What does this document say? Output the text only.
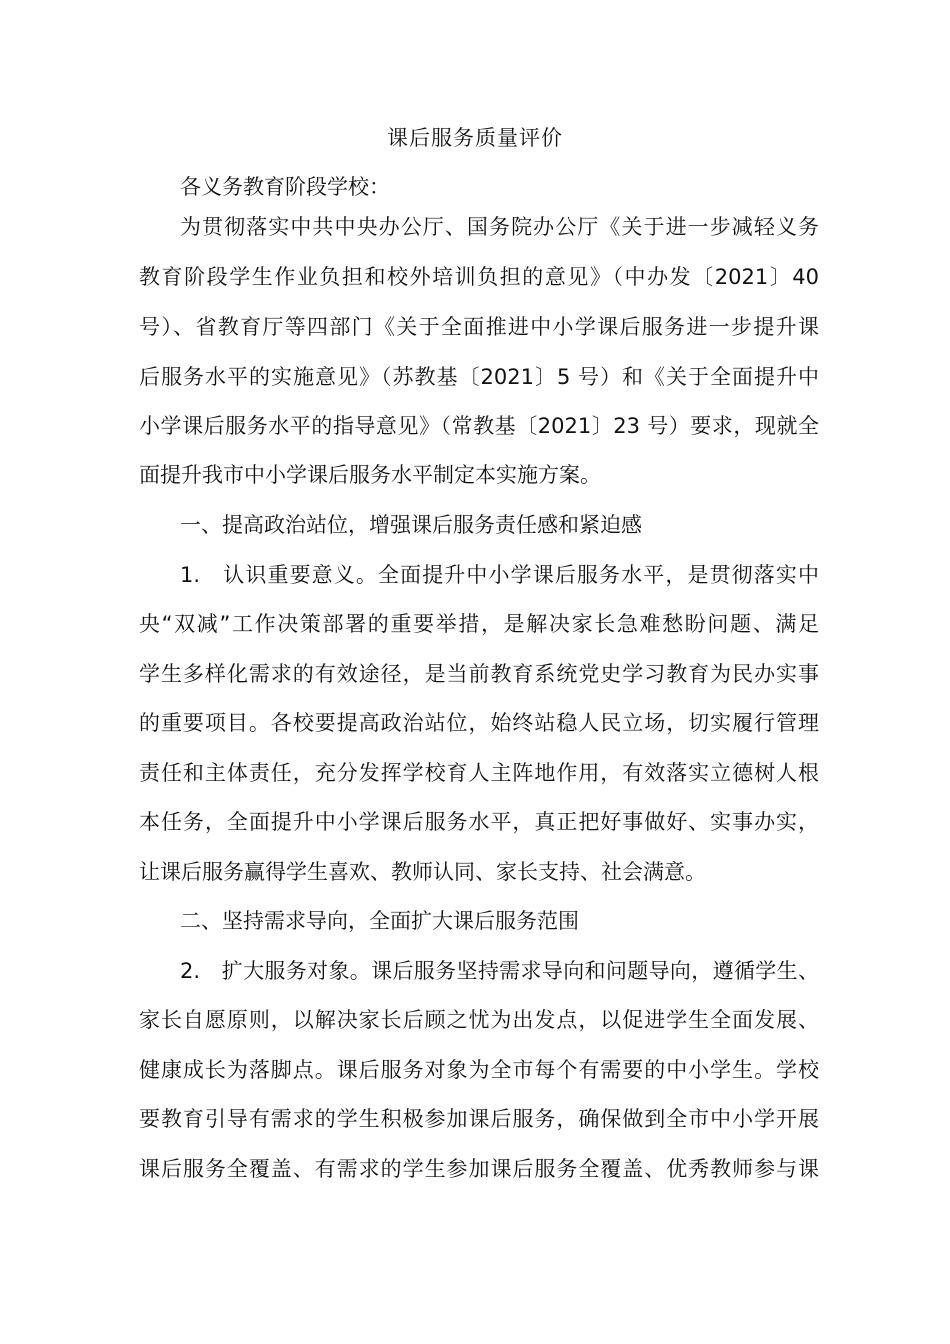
课后服务质量评价
各义务教育阶段学校：
为贯彻落实中共中央办公厅、国务院办公厅《关于进一步减轻义务
教育阶段学生作业负担和校外培训负担的意见》（中办发〔2021〕40
号）、省教育厅等四部门《关于全面推进中小学课后服务进一步提升课
后服务水平的实施意见》（苏教基〔2021〕5 号）和《关于全面提升中
小学课后服务水平的指导意见》（常教基〔2021〕23 号）要求，现就全
面提升我市中小学课后服务水平制定本实施方案。
一、提高政治站位，增强课后服务责任感和紧迫感
1.　认识重要意义。全面提升中小学课后服务水平，是贯彻落实中
央“双减”工作决策部署的重要举措，是解决家长急难愁盼问题、满足
学生多样化需求的有效途径，是当前教育系统党史学习教育为民办实事
的重要项目。各校要提高政治站位，始终站稳人民立场，切实履行管理
责任和主体责任，充分发挥学校育人主阵地作用，有效落实立德树人根
本任务，全面提升中小学课后服务水平，真正把好事做好、实事办实，
让课后服务赢得学生喜欢、教师认同、家长支持、社会满意。
二、坚持需求导向，全面扩大课后服务范围
2.　扩大服务对象。课后服务坚持需求导向和问题导向，遵循学生、
家长自愿原则，以解决家长后顾之忧为出发点，以促进学生全面发展、
健康成长为落脚点。课后服务对象为全市每个有需要的中小学生。学校
要教育引导有需求的学生积极参加课后服务，确保做到全市中小学开展
课后服务全覆盖、有需求的学生参加课后服务全覆盖、优秀教师参与课
